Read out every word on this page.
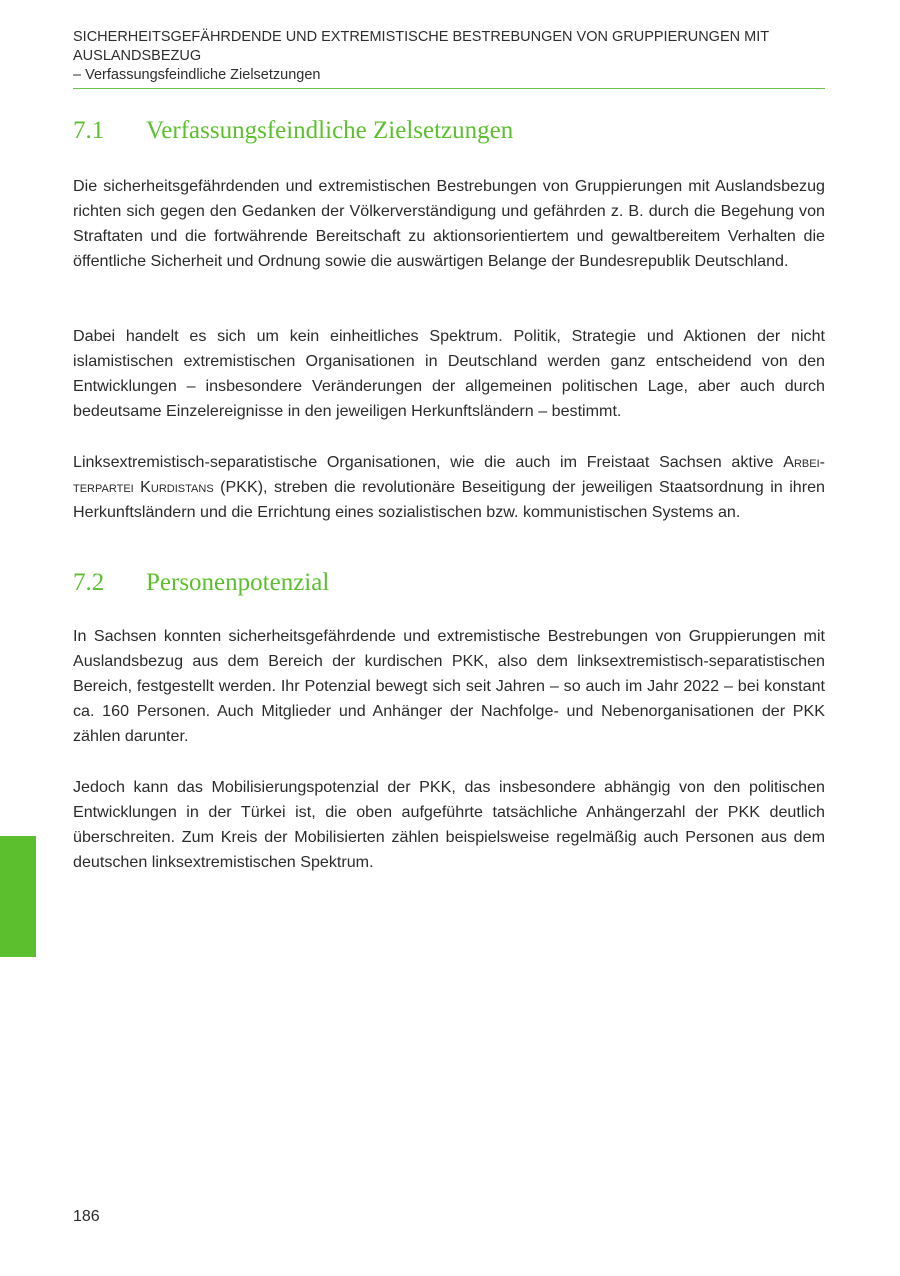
SICHERHEITSGEFÄHRDENDE UND EXTREMISTISCHE BESTREBUNGEN VON GRUPPIERUNGEN MIT AUSLANDSBEZUG
– Verfassungsfeindliche Zielsetzungen
7.1 Verfassungsfeindliche Zielsetzungen

Die sicherheitsgefährdenden und extremistischen Bestrebungen von Gruppierungen mit Auslandsbezug richten sich gegen den Gedanken der Völkerverständigung und gefährden z. B. durch die Begehung von Straftaten und die fortwährende Bereitschaft zu aktionsorientiertem und gewaltbereitem Verhalten die öffentliche Sicherheit und Ordnung sowie die auswärtigen Belange der Bundesrepublik Deutschland.

Dabei handelt es sich um kein einheitliches Spektrum. Politik, Strategie und Aktionen der nicht islamistischen extremistischen Organisationen in Deutschland werden ganz entscheidend von den Entwicklungen – insbesondere Veränderungen der allgemeinen politischen Lage, aber auch durch bedeutsame Einzelereignisse in den jeweiligen Herkunftsländern – bestimmt.

Linksextremistisch-separatistische Organisationen, wie die auch im Freistaat Sachsen aktive Arbeiterpartei Kurdistans (PKK), streben die revolutionäre Beseitigung der jeweiligen Staatsordnung in ihren Herkunftsländern und die Errichtung eines sozialistischen bzw. kommunistischen Systems an.

7.2 Personenpotenzial

In Sachsen konnten sicherheitsgefährdende und extremistische Bestrebungen von Gruppierungen mit Auslandsbezug aus dem Bereich der kurdischen PKK, also dem linksextremistisch-separatistischen Bereich, festgestellt werden. Ihr Potenzial bewegt sich seit Jahren – so auch im Jahr 2022 – bei konstant ca. 160 Personen. Auch Mitglieder und Anhänger der Nachfolge- und Nebenorganisationen der PKK zählen darunter.

Jedoch kann das Mobilisierungspotenzial der PKK, das insbesondere abhängig von den politischen Entwicklungen in der Türkei ist, die oben aufgeführte tatsächliche Anhängerzahl der PKK deutlich überschreiten. Zum Kreis der Mobilisierten zählen beispielsweise regelmäßig auch Personen aus dem deutschen linksextremistischen Spektrum.

186
